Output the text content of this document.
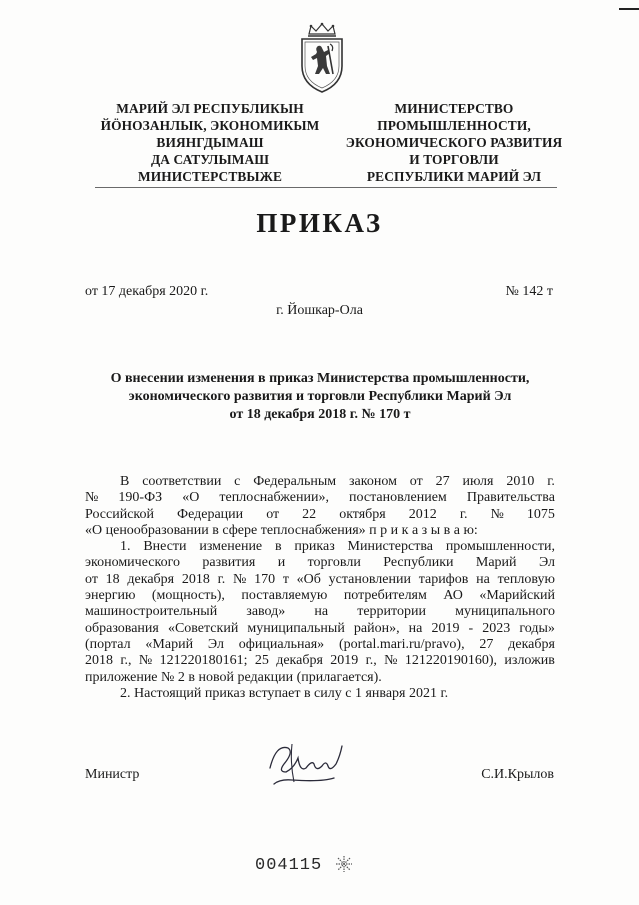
МАРИЙ ЭЛ РЕСПУБЛИКЫН
ЙӦНОЗАНЛЫК, ЭКОНОМИКЫМ
ВИЯНГДЫМАШ
ДА САТУЛЫМАШ
МИНИСТЕРСТВЫЖЕ
МИНИСТЕРСТВО
ПРОМЫШЛЕННОСТИ,
ЭКОНОМИЧЕСКОГО РАЗВИТИЯ
И ТОРГОВЛИ
РЕСПУБЛИКИ МАРИЙ ЭЛ
ПРИКАЗ
от 17 декабря 2020 г.	№ 142 т
г. Йошкар-Ола
О внесении изменения в приказ Министерства промышленности,
экономического развития и торговли Республики Марий Эл
от 18 декабря 2018 г. № 170 т
В соответствии с Федеральным законом от 27 июля 2010 г.
№ 190-ФЗ «О теплоснабжении», постановлением Правительства
Российской Федерации от 22 октября 2012 г. № 1075
«О ценообразовании в сфере теплоснабжения» п р и к а з ы в а ю:
1. Внести изменение в приказ Министерства промышленности,
экономического развития и торговли Республики Марий Эл
от 18 декабря 2018 г. № 170 т «Об установлении тарифов на тепловую
энергию (мощность), поставляемую потребителям АО «Марийский
машиностроительный завод» на территории муниципального
образования «Советский муниципальный район», на 2019 - 2023 годы»
(портал «Марий Эл официальная» (portal.mari.ru/pravo), 27 декабря
2018 г., № 121220180161; 25 декабря 2019 г., № 121220190160), изложив
приложение № 2 в новой редакции (прилагается).
2. Настоящий приказ вступает в силу с 1 января 2021 г.
Министр	С.И.Крылов
004115
